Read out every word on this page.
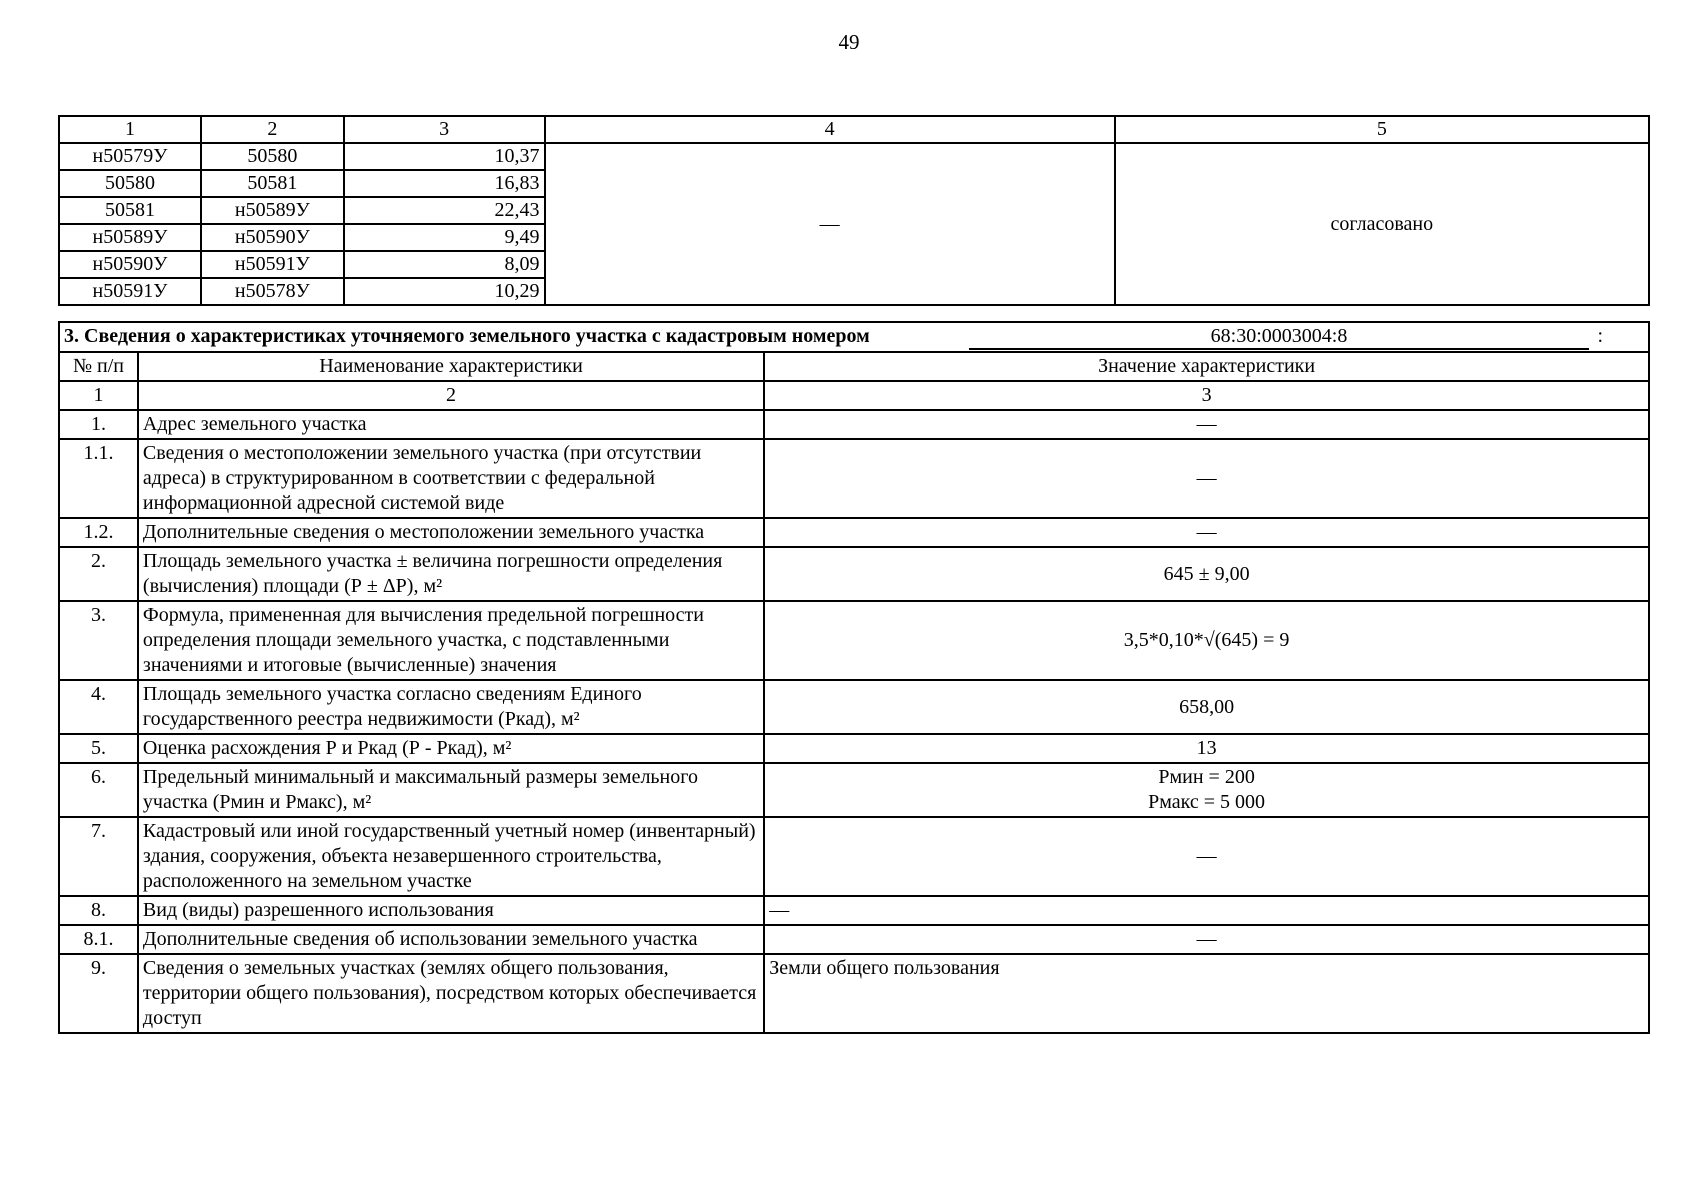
49
1	2	3	4	5
н50579У	50580	10,37	—	согласовано
50580	50581	16,83		
50581	н50589У	22,43		
н50589У	н50590У	9,49		
н50590У	н50591У	8,09		
н50591У	н50578У	10,29		
3. Сведения о характеристиках уточняемого земельного участка с кадастровым номером 68:30:0003004:8 :		
№ п/п	Наименование характеристики	Значение характеристики
1	2	3
1.	Адрес земельного участка	—
1.1.	Сведения о местоположении земельного участка (при отсутствии адреса) в структурированном в соответствии с федеральной информационной адресной системой виде	—
1.2.	Дополнительные сведения о местоположении земельного участка	—
2.	Площадь земельного участка ± величина погрешности определения (вычисления) площади (Р ± ΔР), м²	645 ± 9,00
3.	Формула, примененная для вычисления предельной погрешности определения площади земельного участка, с подставленными значениями и итоговые (вычисленные) значения	3,5*0,10*√(645) = 9
4.	Площадь земельного участка согласно сведениям Единого государственного реестра недвижимости (Ркад), м²	658,00
5.	Оценка расхождения Р и Ркад (Р - Ркад), м²	13
6.	Предельный минимальный и максимальный размеры земельного участка (Рмин и Рмакс), м²	Рмин = 200
Рмакс = 5 000

7.	Кадастровый или иной государственный учетный номер (инвентарный) здания, сооружения, объекта незавершенного строительства, расположенного на земельном участке	—
8.	Вид (виды) разрешенного использования	—
8.1.	Дополнительные сведения об использовании земельного участка	—
9.	Сведения о земельных участках (землях общего пользования, территории общего пользования), посредством которых обеспечивается доступ	Земли общего пользования
